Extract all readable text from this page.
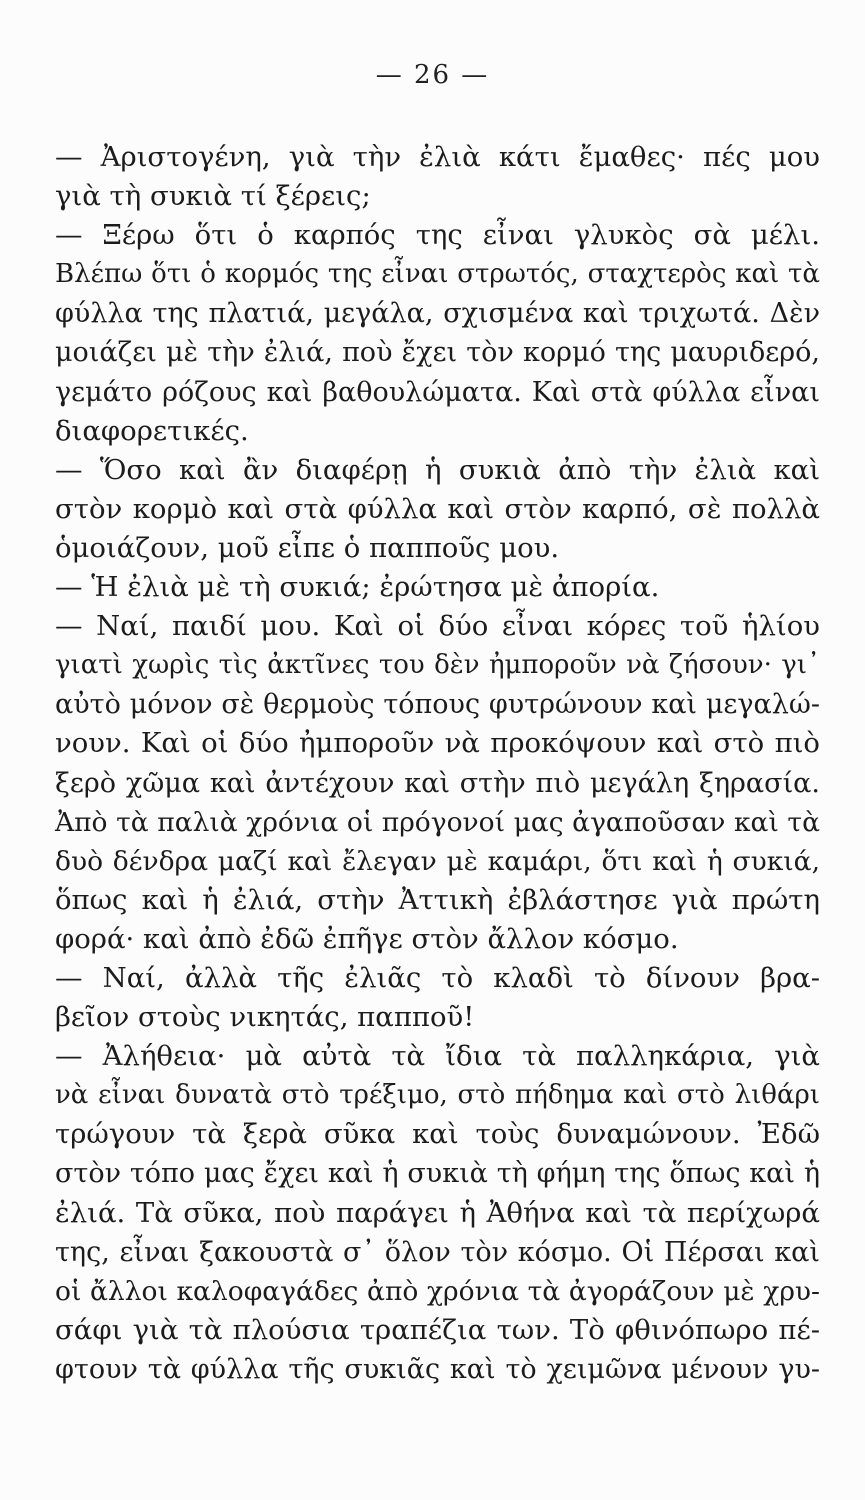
— 26 —
— Ἀριστογένη, γιὰ τὴν ἐλιὰ κάτι ἔμαθες· πές μου
γιὰ τὴ συκιὰ τί ξέρεις;
— Ξέρω ὅτι ὁ καρπός της εἶναι γλυκὸς σὰ μέλι.
Βλέπω ὅτι ὁ κορμός της εἶναι στρωτός, σταχτερὸς καὶ τὰ
φύλλα της πλατιά, μεγάλα, σχισμένα καὶ τριχωτά. Δὲν
μοιάζει μὲ τὴν ἐλιά, ποὺ ἔχει τὸν κορμό της μαυριδερό,
γεμάτο ρόζους καὶ βαθουλώματα. Καὶ στὰ φύλλα εἶναι
διαφορετικές.
— Ὅσο καὶ ἂν διαφέρῃ ἡ συκιὰ ἀπὸ τὴν ἐλιὰ καὶ
στὸν κορμὸ καὶ στὰ φύλλα καὶ στὸν καρπό, σὲ πολλὰ
ὁμοιάζουν, μοῦ εἶπε ὁ παπποῦς μου.
— Ἡ ἐλιὰ μὲ τὴ συκιά; ἐρώτησα μὲ ἀπορία.
— Ναί, παιδί μου. Καὶ οἱ δύο εἶναι κόρες τοῦ ἡλίου
γιατὶ χωρὶς τὶς ἀκτῖνες του δὲν ἠμποροῦν νὰ ζήσουν· γι᾿
αὐτὸ μόνον σὲ θερμοὺς τόπους φυτρώνουν καὶ μεγαλώ-
νουν. Καὶ οἱ δύο ἠμποροῦν νὰ προκόψουν καὶ στὸ πιὸ
ξερὸ χῶμα καὶ ἀντέχουν καὶ στὴν πιὸ μεγάλη ξηρασία.
Ἀπὸ τὰ παλιὰ χρόνια οἱ πρόγονοί μας ἀγαποῦσαν καὶ τὰ
δυὸ δένδρα μαζί καὶ ἔλεγαν μὲ καμάρι, ὅτι καὶ ἡ συκιά,
ὅπως καὶ ἡ ἐλιά, στὴν Ἀττικὴ ἐβλάστησε γιὰ πρώτη
φορά· καὶ ἀπὸ ἐδῶ ἐπῆγε στὸν ἄλλον κόσμο.
— Ναί, ἀλλὰ τῆς ἐλιᾶς τὸ κλαδὶ τὸ δίνουν βρα-
βεῖον στοὺς νικητάς, παπποῦ!
— Ἀλήθεια· μὰ αὐτὰ τὰ ἴδια τὰ παλληκάρια, γιὰ
νὰ εἶναι δυνατὰ στὸ τρέξιμο, στὸ πήδημα καὶ στὸ λιθάρι
τρώγουν τὰ ξερὰ σῦκα καὶ τοὺς δυναμώνουν. Ἐδῶ
στὸν τόπο μας ἔχει καὶ ἡ συκιὰ τὴ φήμη της ὅπως καὶ ἡ
ἐλιά. Τὰ σῦκα, ποὺ παράγει ἡ Ἀθήνα καὶ τὰ περίχωρά
της, εἶναι ξακουστὰ σ᾿ ὅλον τὸν κόσμο. Οἱ Πέρσαι καὶ
οἱ ἄλλοι καλοφαγάδες ἀπὸ χρόνια τὰ ἀγοράζουν μὲ χρυ-
σάφι γιὰ τὰ πλούσια τραπέζια των. Τὸ φθινόπωρο πέ-
φτουν τὰ φύλλα τῆς συκιᾶς καὶ τὸ χειμῶνα μένουν γυ-
